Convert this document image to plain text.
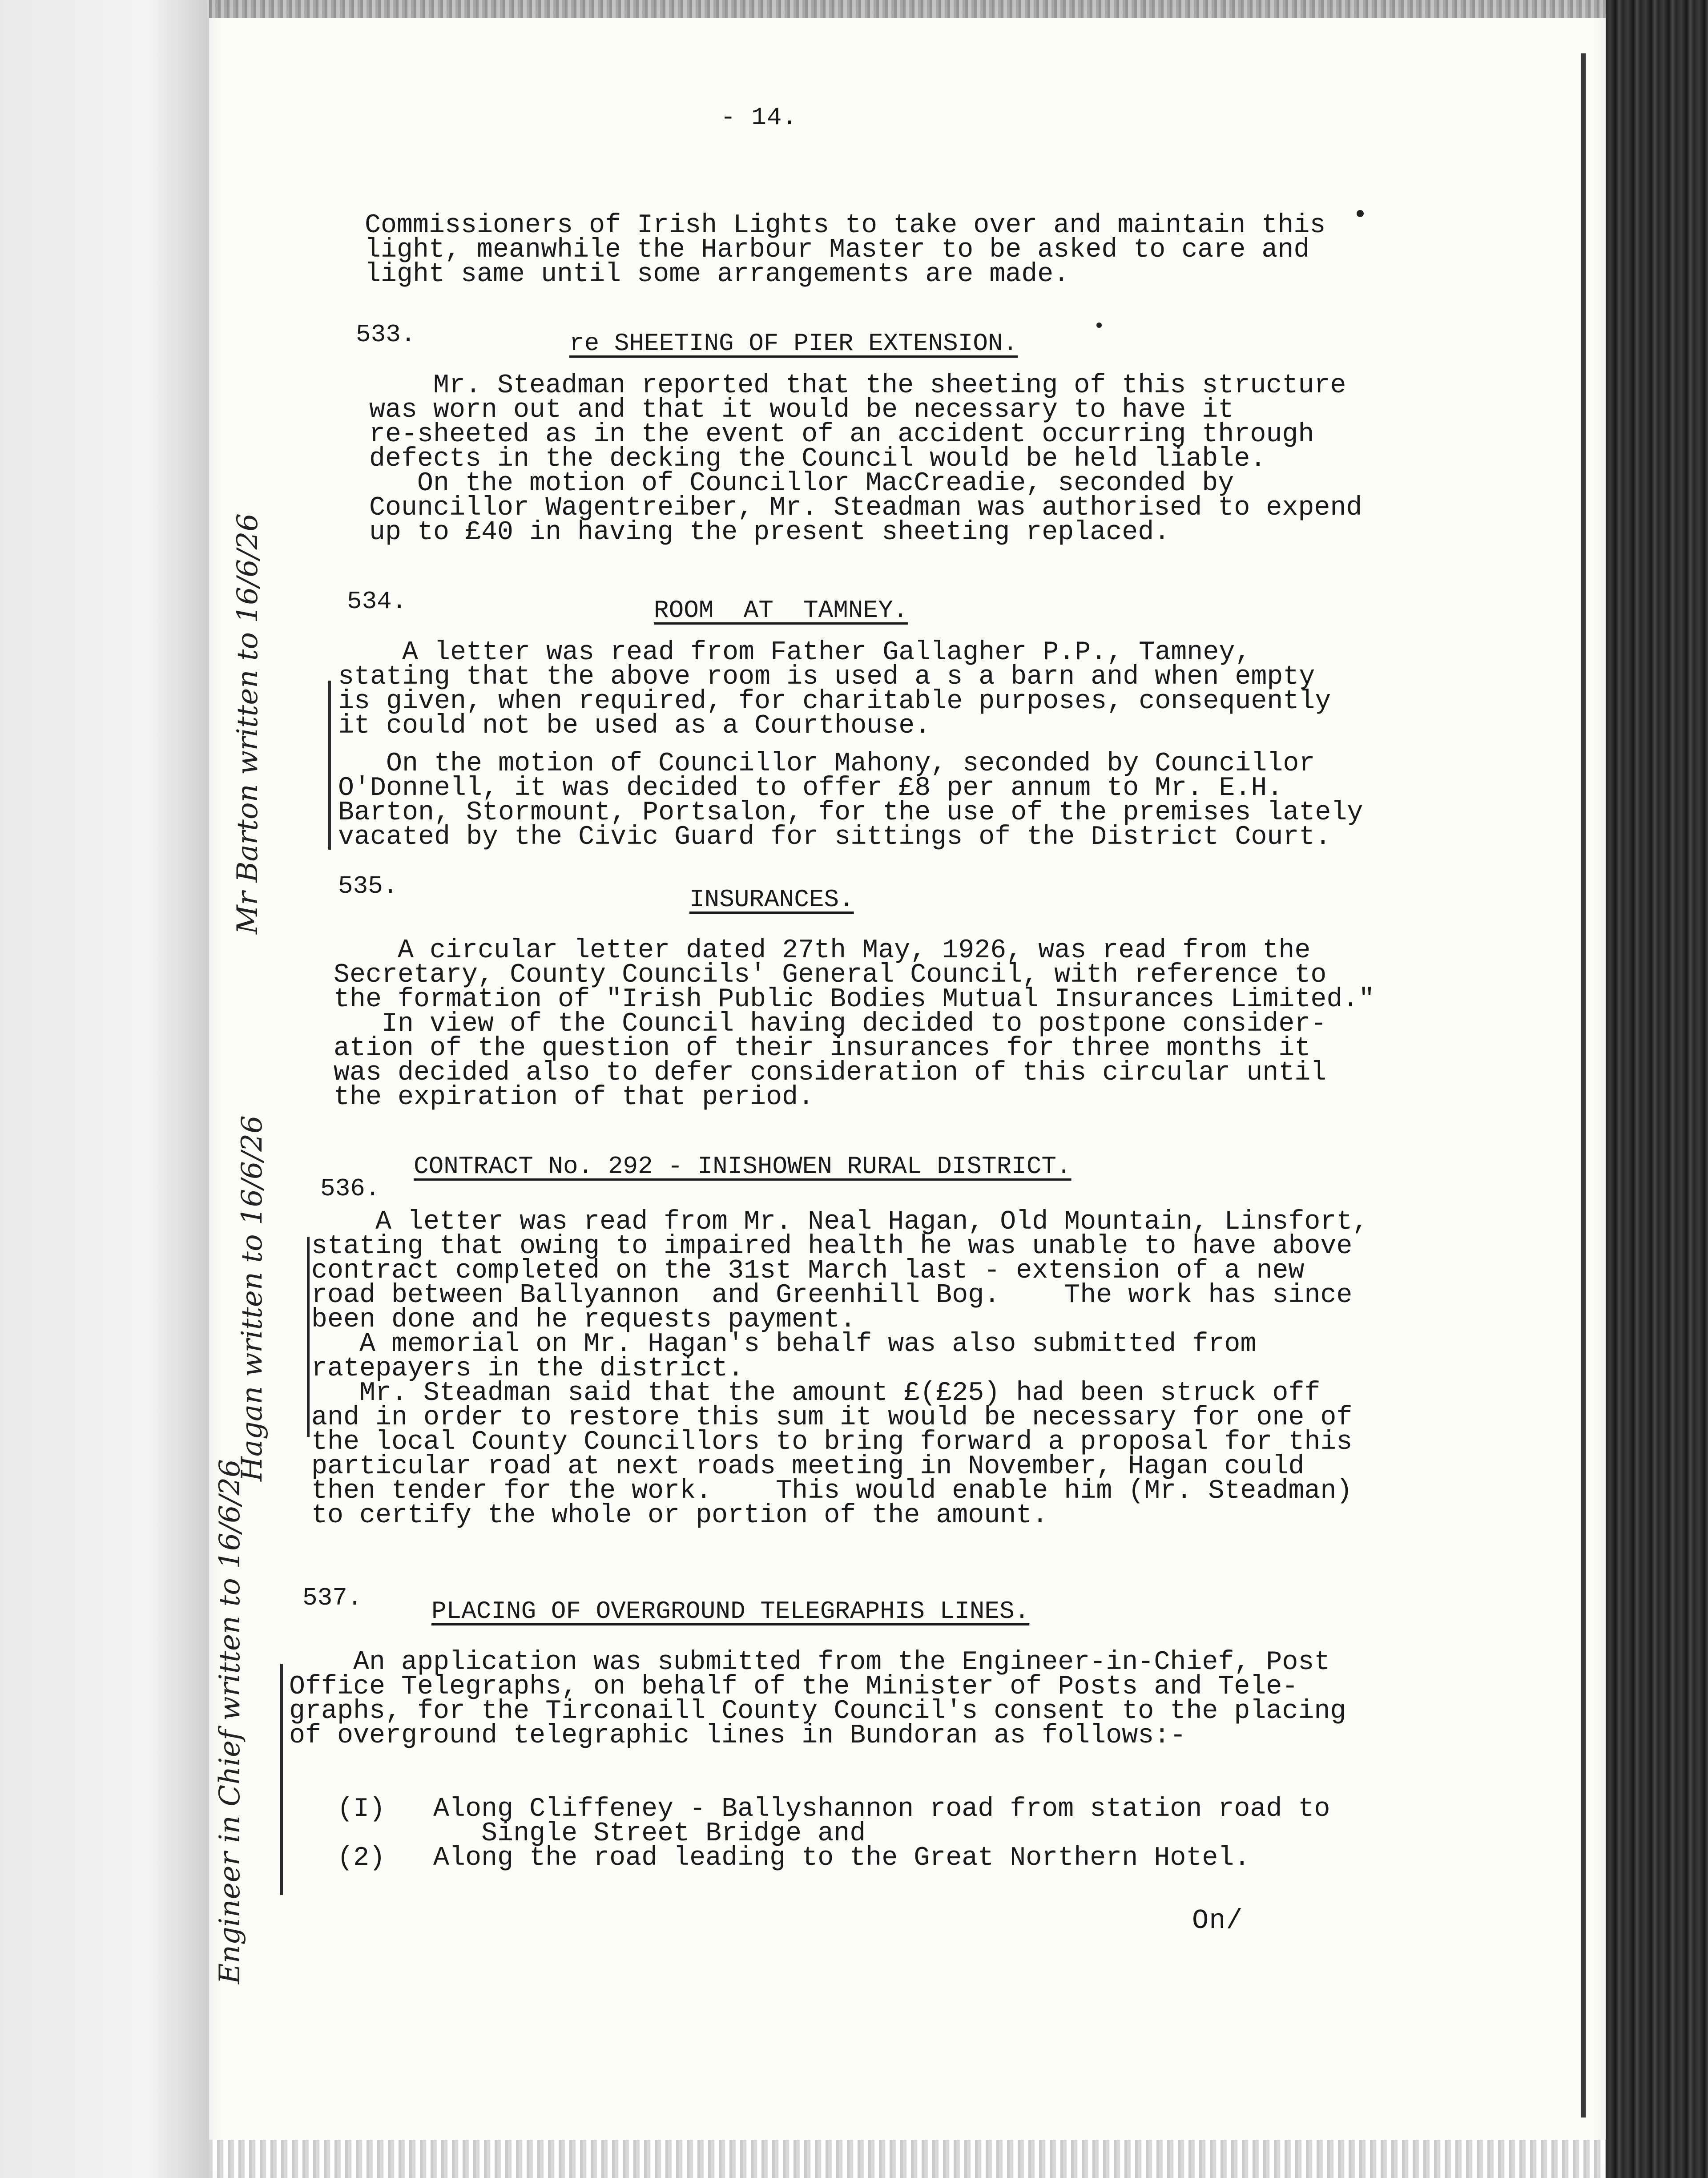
- 14.
Commissioners of Irish Lights to take over and maintain this
light, meanwhile the Harbour Master to be asked to care and
light same until some arrangements are made.
533.	re SHEETING OF PIER EXTENSION.
Mr. Steadman reported that the sheeting of this structure
was worn out and that it would be necessary to have it
re-sheeted as in the event of an accident occurring through
defects in the decking the Council would be held liable.
On the motion of Councillor MacCreadie, seconded by
Councillor Wagentreiber, Mr. Steadman was authorised to expend
up to £40 in having the present sheeting replaced.
534.	ROOM  AT  TAMNEY.
Mr Barton written to 16/6/26	A letter was read from Father Gallagher P.P., Tamney,
stating that the above room is used a s a barn and when empty
is given, when required, for charitable purposes, consequently
it could not be used as a Courthouse.
On the motion of Councillor Mahony, seconded by Councillor
O'Donnell, it was decided to offer £8 per annum to Mr. E.H.
Barton, Stormount, Portsalon, for the use of the premises lately
vacated by the Civic Guard for sittings of the District Court.
535.	INSURANCES.
A circular letter dated 27th May, 1926, was read from the
Secretary, County Councils' General Council, with reference to
the formation of "Irish Public Bodies Mutual Insurances Limited."
In view of the Council having decided to postpone consider-
ation of the question of their insurances for three months it
was decided also to defer consideration of this circular until
the expiration of that period.
536.
CONTRACT No. 292 - INISHOWEN RURAL DISTRICT.
Hagan written to 16/6/26 A letter was read from Mr. Neal Hagan, Old Mountain, Linsfort,
stating that owing to impaired health he was unable to have above
contract completed on the 31st March last - extension of a new
road between Ballyannon  and Greenhill Bog.    The work has since
been done and he requests payment.
A memorial on Mr. Hagan's behalf was also submitted from
ratepayers in the district.
Mr. Steadman said that the amount £(£25) had been struck off
and in order to restore this sum it would be necessary for one of
the local County Councillors to bring forward a proposal for this
particular road at next roads meeting in November, Hagan could
then tender for the work.    This would enable him (Mr. Steadman)
to certify the whole or portion of the amount.
537.	PLACING OF OVERGROUND TELEGRAPHIS LINES.
Engineer in Chief written to 16/6/26 An application was submitted from the Engineer-in-Chief, Post
Office Telegraphs, on behalf of the Minister of Posts and Tele-
graphs, for the Tirconaill County Council's consent to the placing
of overground telegraphic lines in Bundoran as follows:-
(I)   Along Cliffeney - Ballyshannon road from station road to
Single Street Bridge and
(2)   Along the road leading to the Great Northern Hotel.
On/
